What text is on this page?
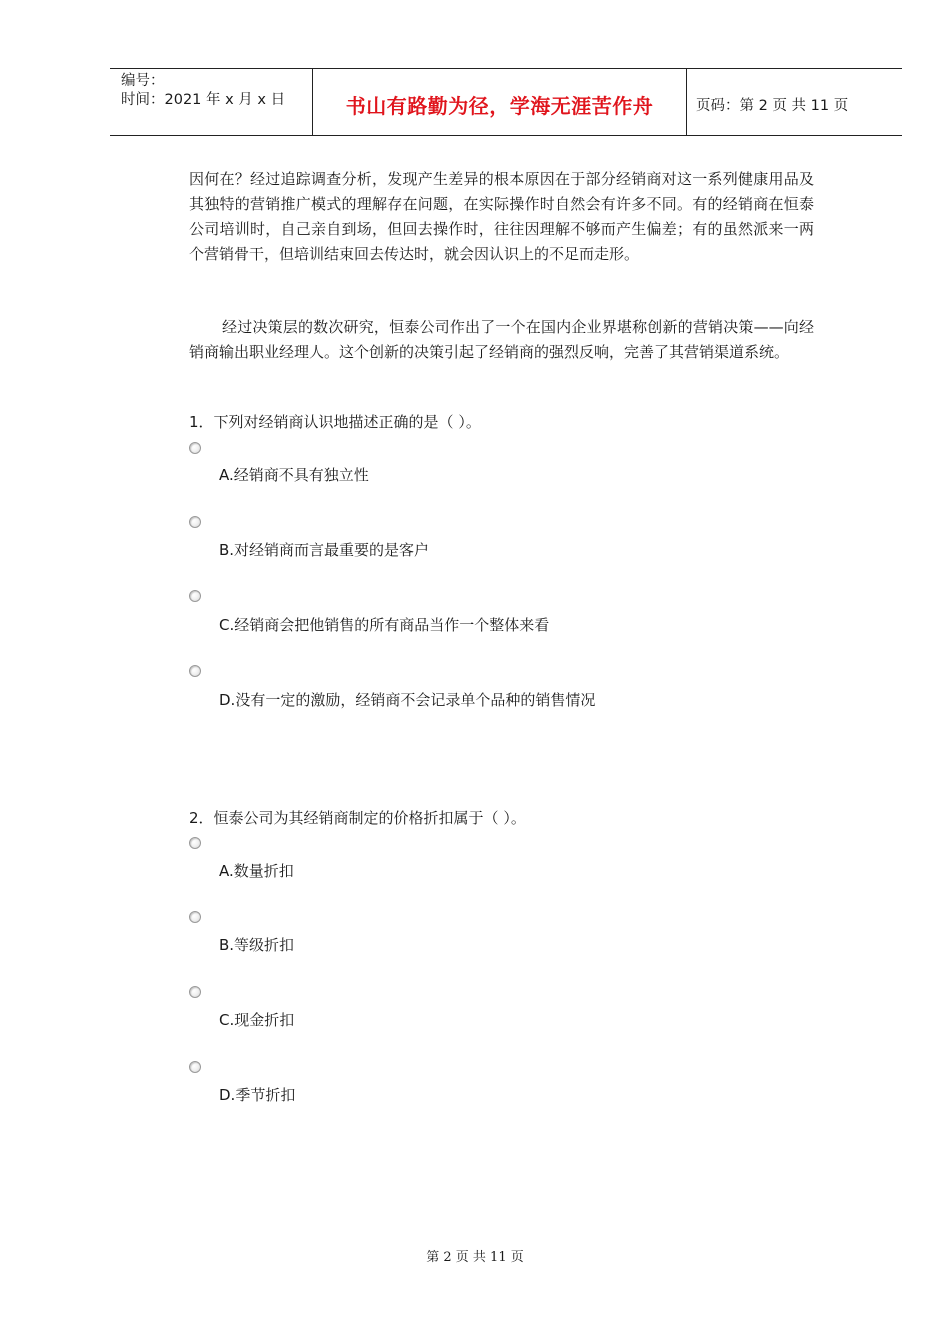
编号：
时间：2021 年 x 月 x 日	书山有路勤为径，学海无涯苦作舟	页码：第 2 页 共 11 页

因何在？经过追踪调查分析，发现产生差异的根本原因在于部分经销商对这一系列健康用品及其独特的营销推广模式的理解存在问题，在实际操作时自然会有许多不同。有的经销商在恒泰公司培训时，自己亲自到场，但回去操作时，往往因理解不够而产生偏差；有的虽然派来一两个营销骨干，但培训结束回去传达时，就会因认识上的不足而走形。

经过决策层的数次研究，恒泰公司作出了一个在国内企业界堪称创新的营销决策——向经销商输出职业经理人。这个创新的决策引起了经销商的强烈反响，完善了其营销渠道系统。

1．下列对经销商认识地描述正确的是（ ）。
A.经销商不具有独立性
B.对经销商而言最重要的是客户
C.经销商会把他销售的所有商品当作一个整体来看
D.没有一定的激励，经销商不会记录单个品种的销售情况
2．恒泰公司为其经销商制定的价格折扣属于（ ）。
A.数量折扣
B.等级折扣
C.现金折扣
D.季节折扣
第 2 页 共 11 页
